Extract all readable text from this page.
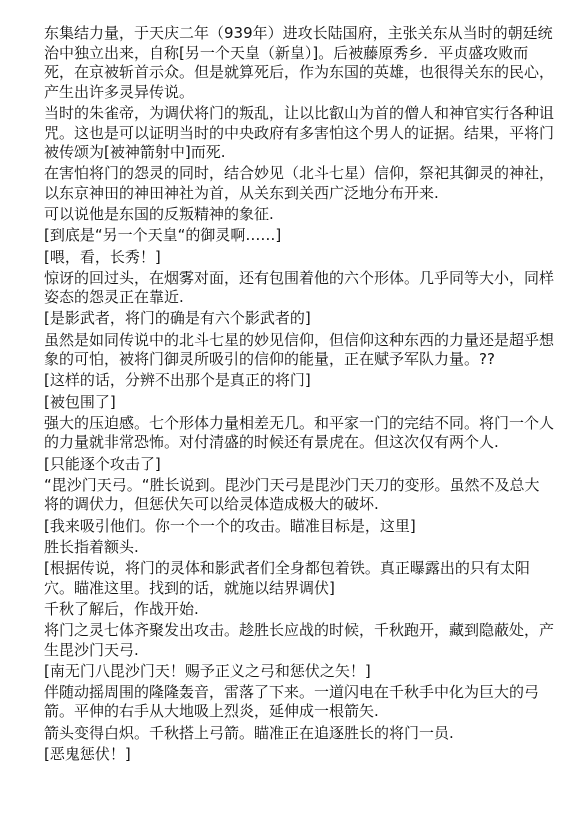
东集结力量，于天庆二年（939年）进攻长陆国府，主张关东从当时的朝廷统治中独立出来，自称[另一个天皇（新皇）]。后被藤原秀乡．平贞盛攻败而死，在京被斩首示众。但是就算死后，作为东国的英雄，也很得关东的民心，产生出许多灵异传说。

当时的朱雀帝，为调伏将门的叛乱，让以比叡山为首的僧人和神官实行各种诅咒。这也是可以证明当时的中央政府有多害怕这个男人的证据。结果，平将门被传颂为[被神箭射中]而死.

在害怕将门的怨灵的同时，结合妙见（北斗七星）信仰，祭祀其御灵的神社，以东京神田的神田神社为首，从关东到关西广泛地分布开来.

可以说他是东国的反叛精神的象征.

[到底是“另一个天皇“的御灵啊……]

[喂，看，长秀！]

惊讶的回过头，在烟雾对面，还有包围着他的六个形体。几乎同等大小，同样姿态的怨灵正在靠近.

[是影武者，将门的确是有六个影武者的]

虽然是如同传说中的北斗七星的妙见信仰，但信仰这种东西的力量还是超乎想象的可怕，被将门御灵所吸引的信仰的能量，正在赋予军队力量。??

[这样的话，分辨不出那个是真正的将门]

[被包围了]

强大的压迫感。七个形体力量相差无几。和平家一门的完结不同。将门一个人的力量就非常恐怖。对付清盛的时候还有景虎在。但这次仅有两个人.

[只能逐个攻击了]

“毘沙门天弓。“胜长说到。毘沙门天弓是毘沙门天刀的变形。虽然不及总大将的调伏力，但惩伏矢可以给灵体造成极大的破坏.

[我来吸引他们。你一个一个的攻击。瞄准目标是，这里]

胜长指着额头.

[根据传说，将门的灵体和影武者们全身都包着铁。真正曝露出的只有太阳穴。瞄准这里。找到的话，就施以结界调伏]

千秋了解后，作战开始.

将门之灵七体齐聚发出攻击。趁胜长应战的时候，千秋跑开，藏到隐蔽处，产生毘沙门天弓.

[南无门八毘沙门天！赐予正义之弓和惩伏之矢！]

伴随动摇周围的隆隆轰音，雷落了下来。一道闪电在千秋手中化为巨大的弓箭。平伸的右手从大地吸上烈炎，延伸成一根箭矢.

箭头变得白炽。千秋搭上弓箭。瞄准正在追逐胜长的将门一员.

[恶鬼惩伏！]
